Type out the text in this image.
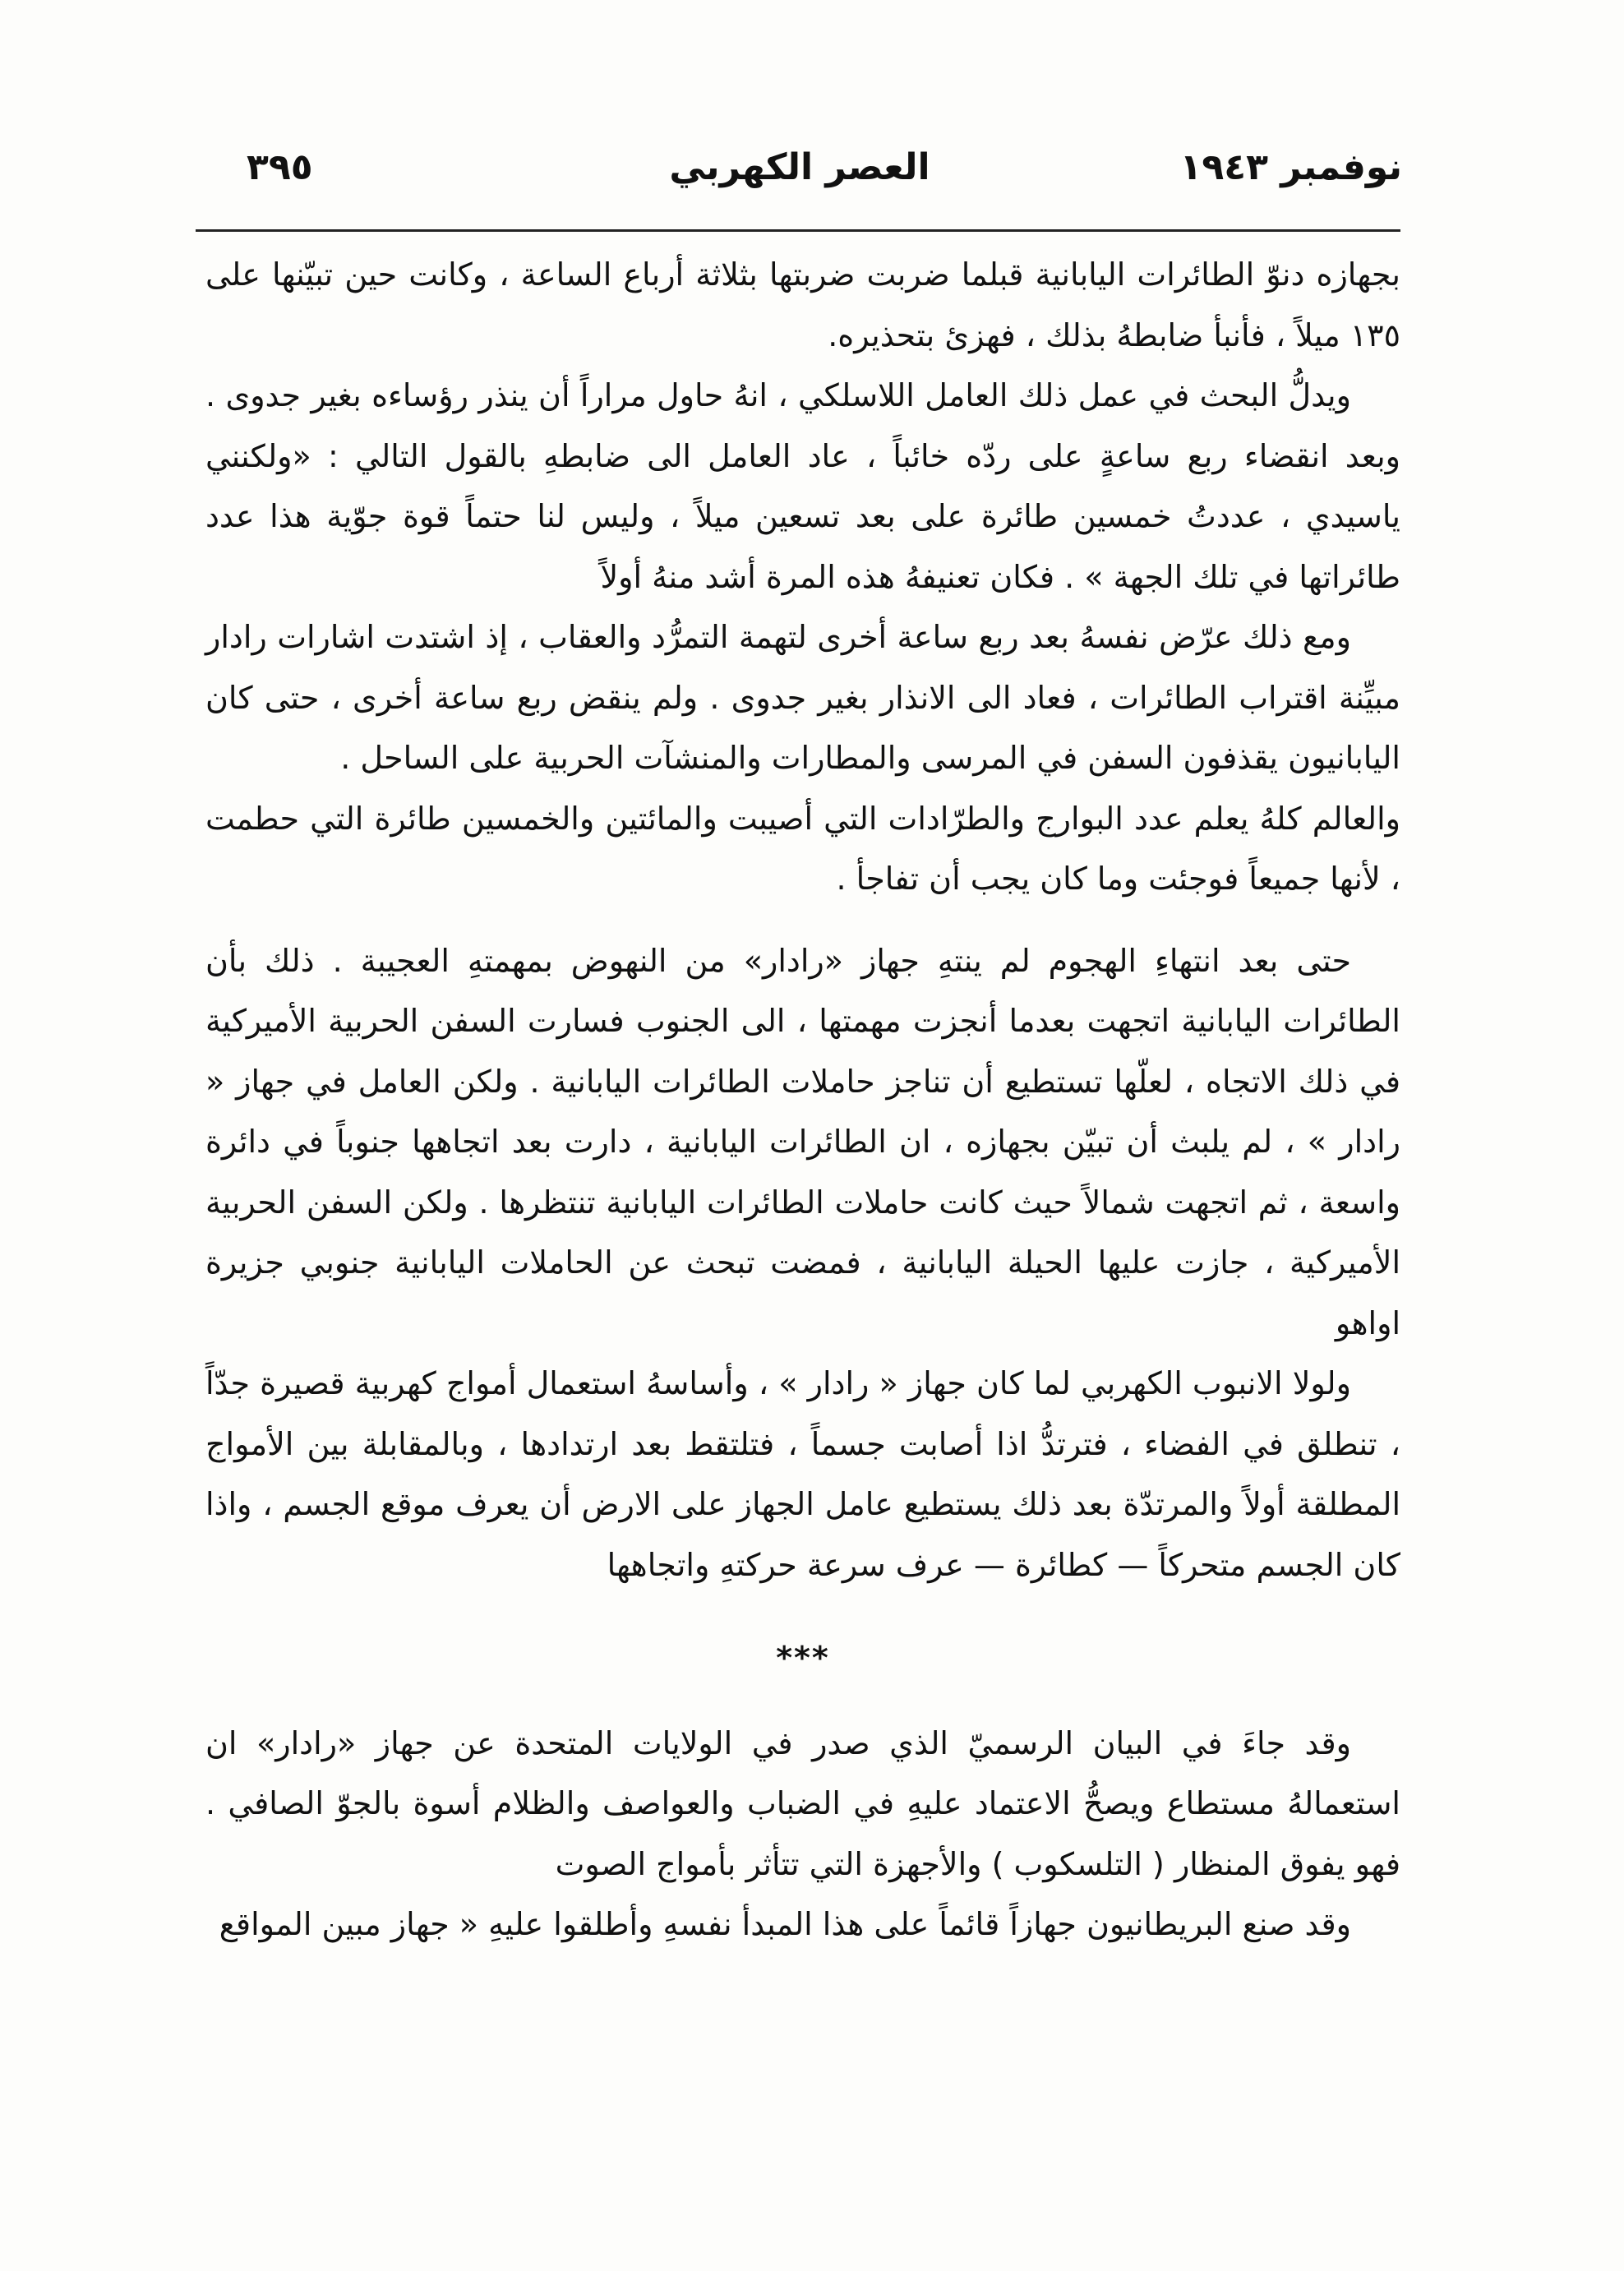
نوفمبر ١٩٤٣
العصر الكهربي
٣٩٥

بجهازه دنوّ الطائرات اليابانية قبلما ضربت ضربتها بثلاثة أرباع الساعة ، وكانت حين تبيّنها على ١٣٥ ميلاً ، فأنبأ ضابطهُ بذلك ، فهزئ بتحذيره.

ويدلُّ البحث في عمل ذلك العامل اللاسلكي ، انهُ حاول مراراً أن ينذر رؤساءه بغير جدوى . وبعد انقضاء ربع ساعةٍ على ردّه خائباً ، عاد العامل الى ضابطهِ بالقول التالي : «ولكنني ياسيدي ، عددتُ خمسين طائرة على بعد تسعين ميلاً ، وليس لنا حتماً قوة جوّية هذا عدد طائراتها في تلك الجهة » . فكان تعنيفهُ هذه المرة أشد منهُ أولاً

ومع ذلك عرّض نفسهُ بعد ربع ساعة أخرى لتهمة التمرُّد والعقاب ، إذ اشتدت اشارات رادار مبيِّنة اقتراب الطائرات ، فعاد الى الانذار بغير جدوى . ولم ينقض ربع ساعة أخرى ، حتى كان اليابانيون يقذفون السفن في المرسى والمطارات والمنشآت الحربية على الساحل .

والعالم كلهُ يعلم عدد البوارج والطرّادات التي أصيبت والمائتين والخمسين طائرة التي حطمت ، لأنها جميعاً فوجئت وما كان يجب أن تفاجأ .

حتى بعد انتهاءِ الهجوم لم ينتهِ جهاز «رادار» من النهوض بمهمتهِ العجيبة . ذلك بأن الطائرات اليابانية اتجهت بعدما أنجزت مهمتها ، الى الجنوب فسارت السفن الحربية الأميركية في ذلك الاتجاه ، لعلّها تستطيع أن تناجز حاملات الطائرات اليابانية . ولكن العامل في جهاز « رادار » ، لم يلبث أن تبيّن بجهازه ، ان الطائرات اليابانية ، دارت بعد اتجاهها جنوباً في دائرة واسعة ، ثم اتجهت شمالاً حيث كانت حاملات الطائرات اليابانية تنتظرها . ولكن السفن الحربية الأميركية ، جازت عليها الحيلة اليابانية ، فمضت تبحث عن الحاملات اليابانية جنوبي جزيرة اواهو

ولولا الانبوب الكهربي لما كان جهاز « رادار » ، وأساسهُ استعمال أمواج كهربية قصيرة جدّاً ، تنطلق في الفضاء ، فترتدُّ اذا أصابت جسماً ، فتلتقط بعد ارتدادها ، وبالمقابلة بين الأمواج المطلقة أولاً والمرتدّة بعد ذلك يستطيع عامل الجهاز على الارض أن يعرف موقع الجسم ، واذا كان الجسم متحركاً — كطائرة — عرف سرعة حركتهِ واتجاهها

***

وقد جاءَ في البيان الرسميّ الذي صدر في الولايات المتحدة عن جهاز «رادار» ان استعمالهُ مستطاع ويصحُّ الاعتماد عليهِ في الضباب والعواصف والظلام أسوة بالجوّ الصافي . فهو يفوق المنظار ( التلسكوب ) والأجهزة التي تتأثر بأمواج الصوت

وقد صنع البريطانيون جهازاً قائماً على هذا المبدأ نفسهِ وأطلقوا عليهِ « جهاز مبين المواقع
